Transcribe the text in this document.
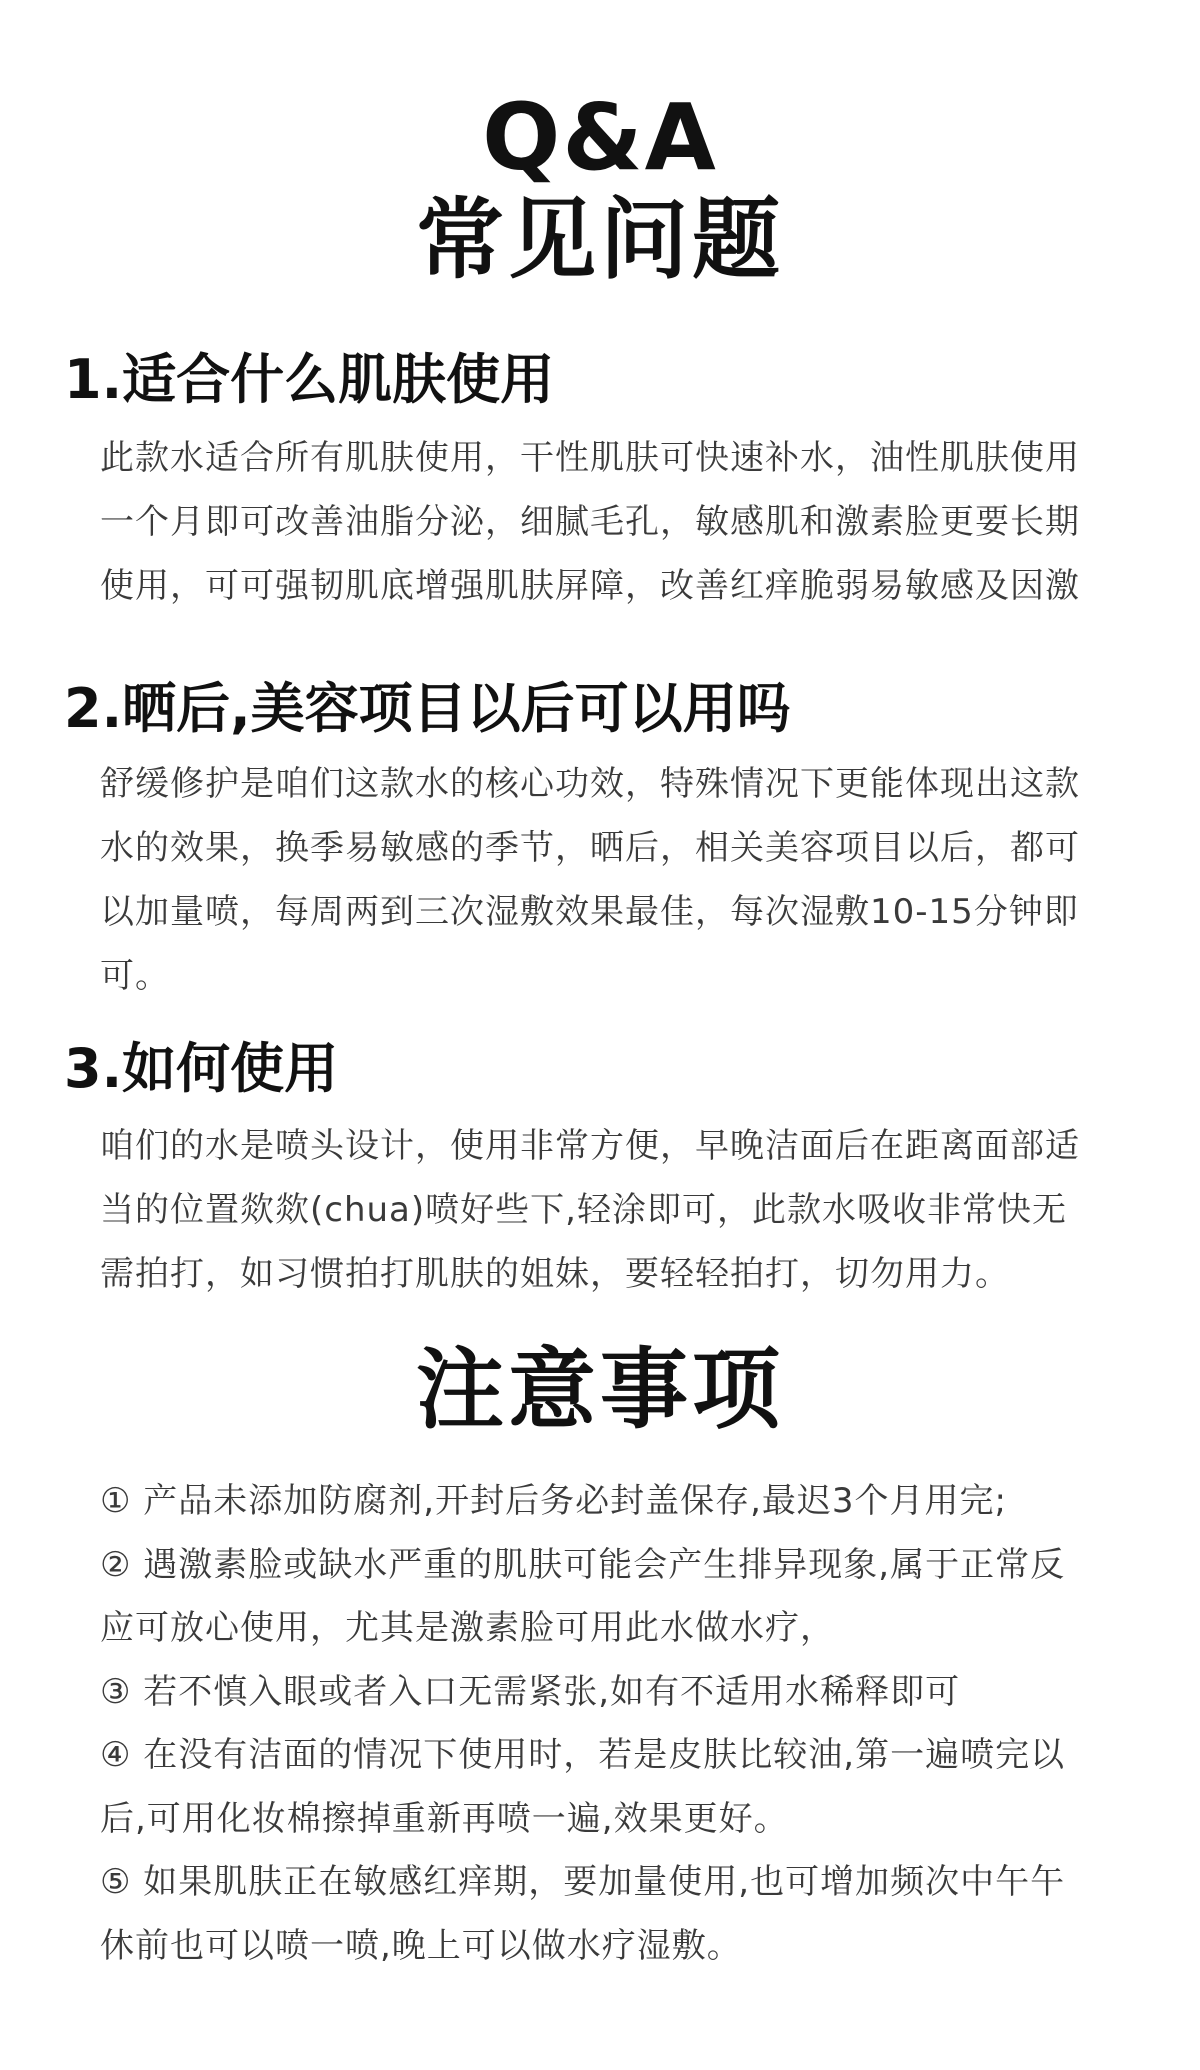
Q&A
常见问题
1.适合什么肌肤使用
此款水适合所有肌肤使用，干性肌肤可快速补水，油性肌肤使用
一个月即可改善油脂分泌，细腻毛孔，敏感肌和激素脸更要长期
使用，可可强韧肌底增强肌肤屏障，改善红痒脆弱易敏感及因激
2.晒后,美容项目以后可以用吗
舒缓修护是咱们这款水的核心功效，特殊情况下更能体现出这款
水的效果，换季易敏感的季节，晒后，相关美容项目以后，都可
以加量喷，每周两到三次湿敷效果最佳，每次湿敷10-15分钟即
可。
3.如何使用
咱们的水是喷头设计，使用非常方便，早晚洁面后在距离面部适
当的位置欻欻(chua)喷好些下,轻涂即可，此款水吸收非常快无
需拍打，如习惯拍打肌肤的姐妹，要轻轻拍打，切勿用力。
注意事项
① 产品未添加防腐剂,开封后务必封盖保存,最迟3个月用完;
② 遇激素脸或缺水严重的肌肤可能会产生排异现象,属于正常反
应可放心使用，尤其是激素脸可用此水做水疗，
③ 若不慎入眼或者入口无需紧张,如有不适用水稀释即可
④ 在没有洁面的情况下使用时，若是皮肤比较油,第一遍喷完以
后,可用化妆棉擦掉重新再喷一遍,效果更好。
⑤ 如果肌肤正在敏感红痒期，要加量使用,也可增加频次中午午
休前也可以喷一喷,晚上可以做水疗湿敷。
